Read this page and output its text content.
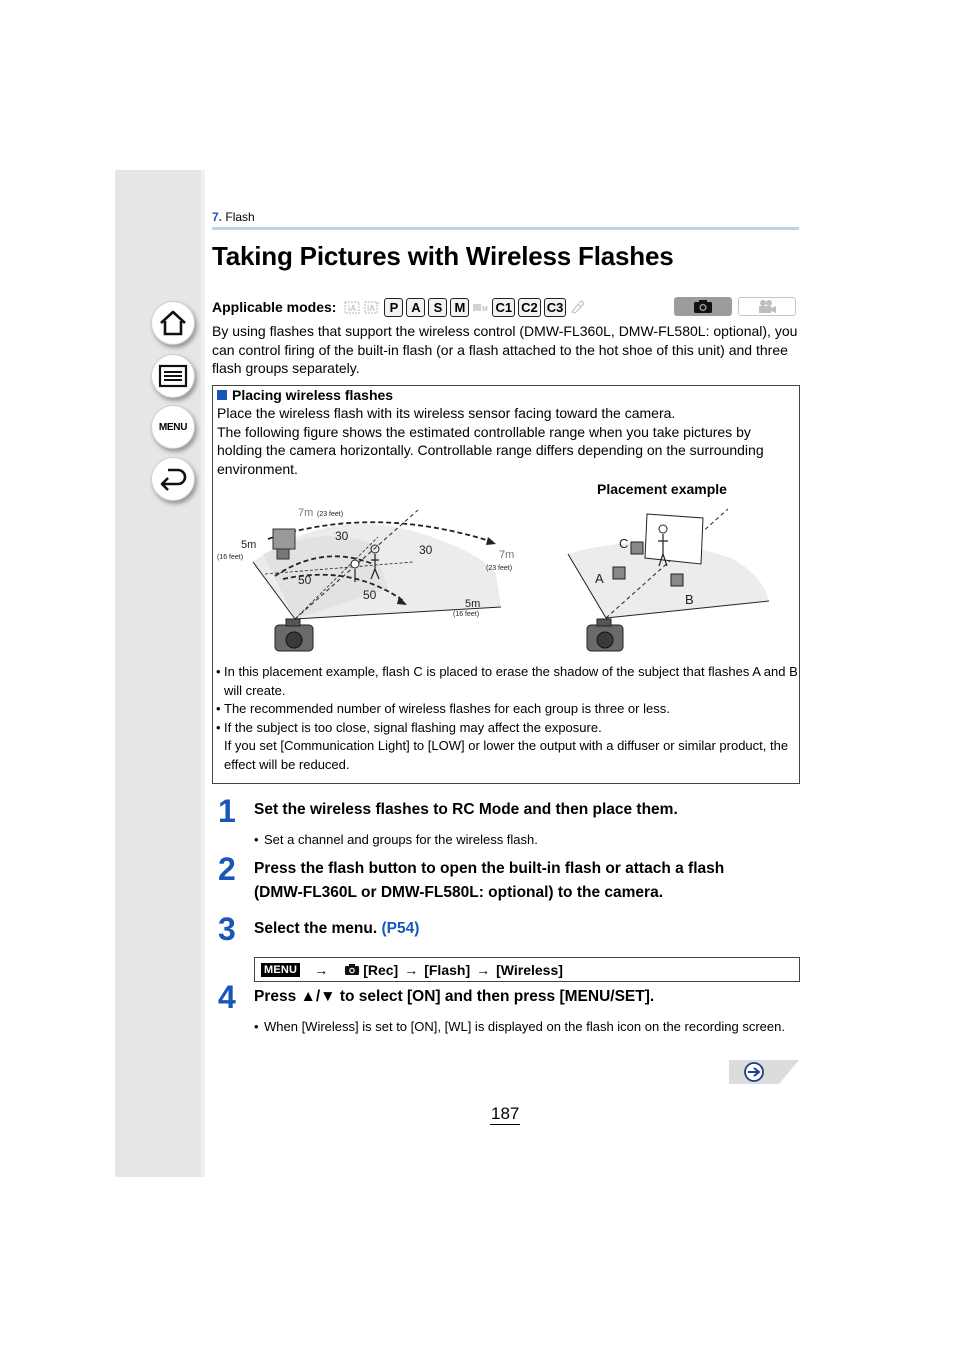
MENU
7. Flash
Taking Pictures with Wireless Flashes
Applicable modes: iA iA + P A S M	M C1 C2 C3

By using flashes that support the wireless control (DMW-FL360L, DMW-FL580L: optional), you can control firing of the built-in flash (or a flash attached to the hot shoe of this unit) and three flash groups separately.

Placing wireless flashes
Place the wireless flash with its wireless sensor facing toward the camera.
The following figure shows the estimated controllable range when you take pictures by holding the camera horizontally. Controllable range differs depending on the surrounding environment.
Placement example
7m (23 feet)
5m
(16 feet)
30
30	7m
(23 feet)
50
50
5m
(16 feet)
C
A
B
• In this placement example, flash C is placed to erase the shadow of the subject that flashes A and B will create.
• The recommended number of wireless flashes for each group is three or less.
• If the subject is too close, signal flashing may affect the exposure.
If you set [Communication Light] to [LOW] or lower the output with a diffuser or similar product, the effect will be reduced.
1 Set the wireless flashes to RC Mode and then place them.
• Set a channel and groups for the wireless flash.
2 Press the flash button to open the built-in flash or attach a flash
(DMW-FL360L or DMW-FL580L: optional) to the camera.
3 Select the menu. (P54)
MENU →	[Rec] → [Flash] → [Wireless]
4 Press ▲/▼ to select [ON] and then press [MENU/SET].
• When [Wireless] is set to [ON], [WL] is displayed on the flash icon on the recording screen.
187
